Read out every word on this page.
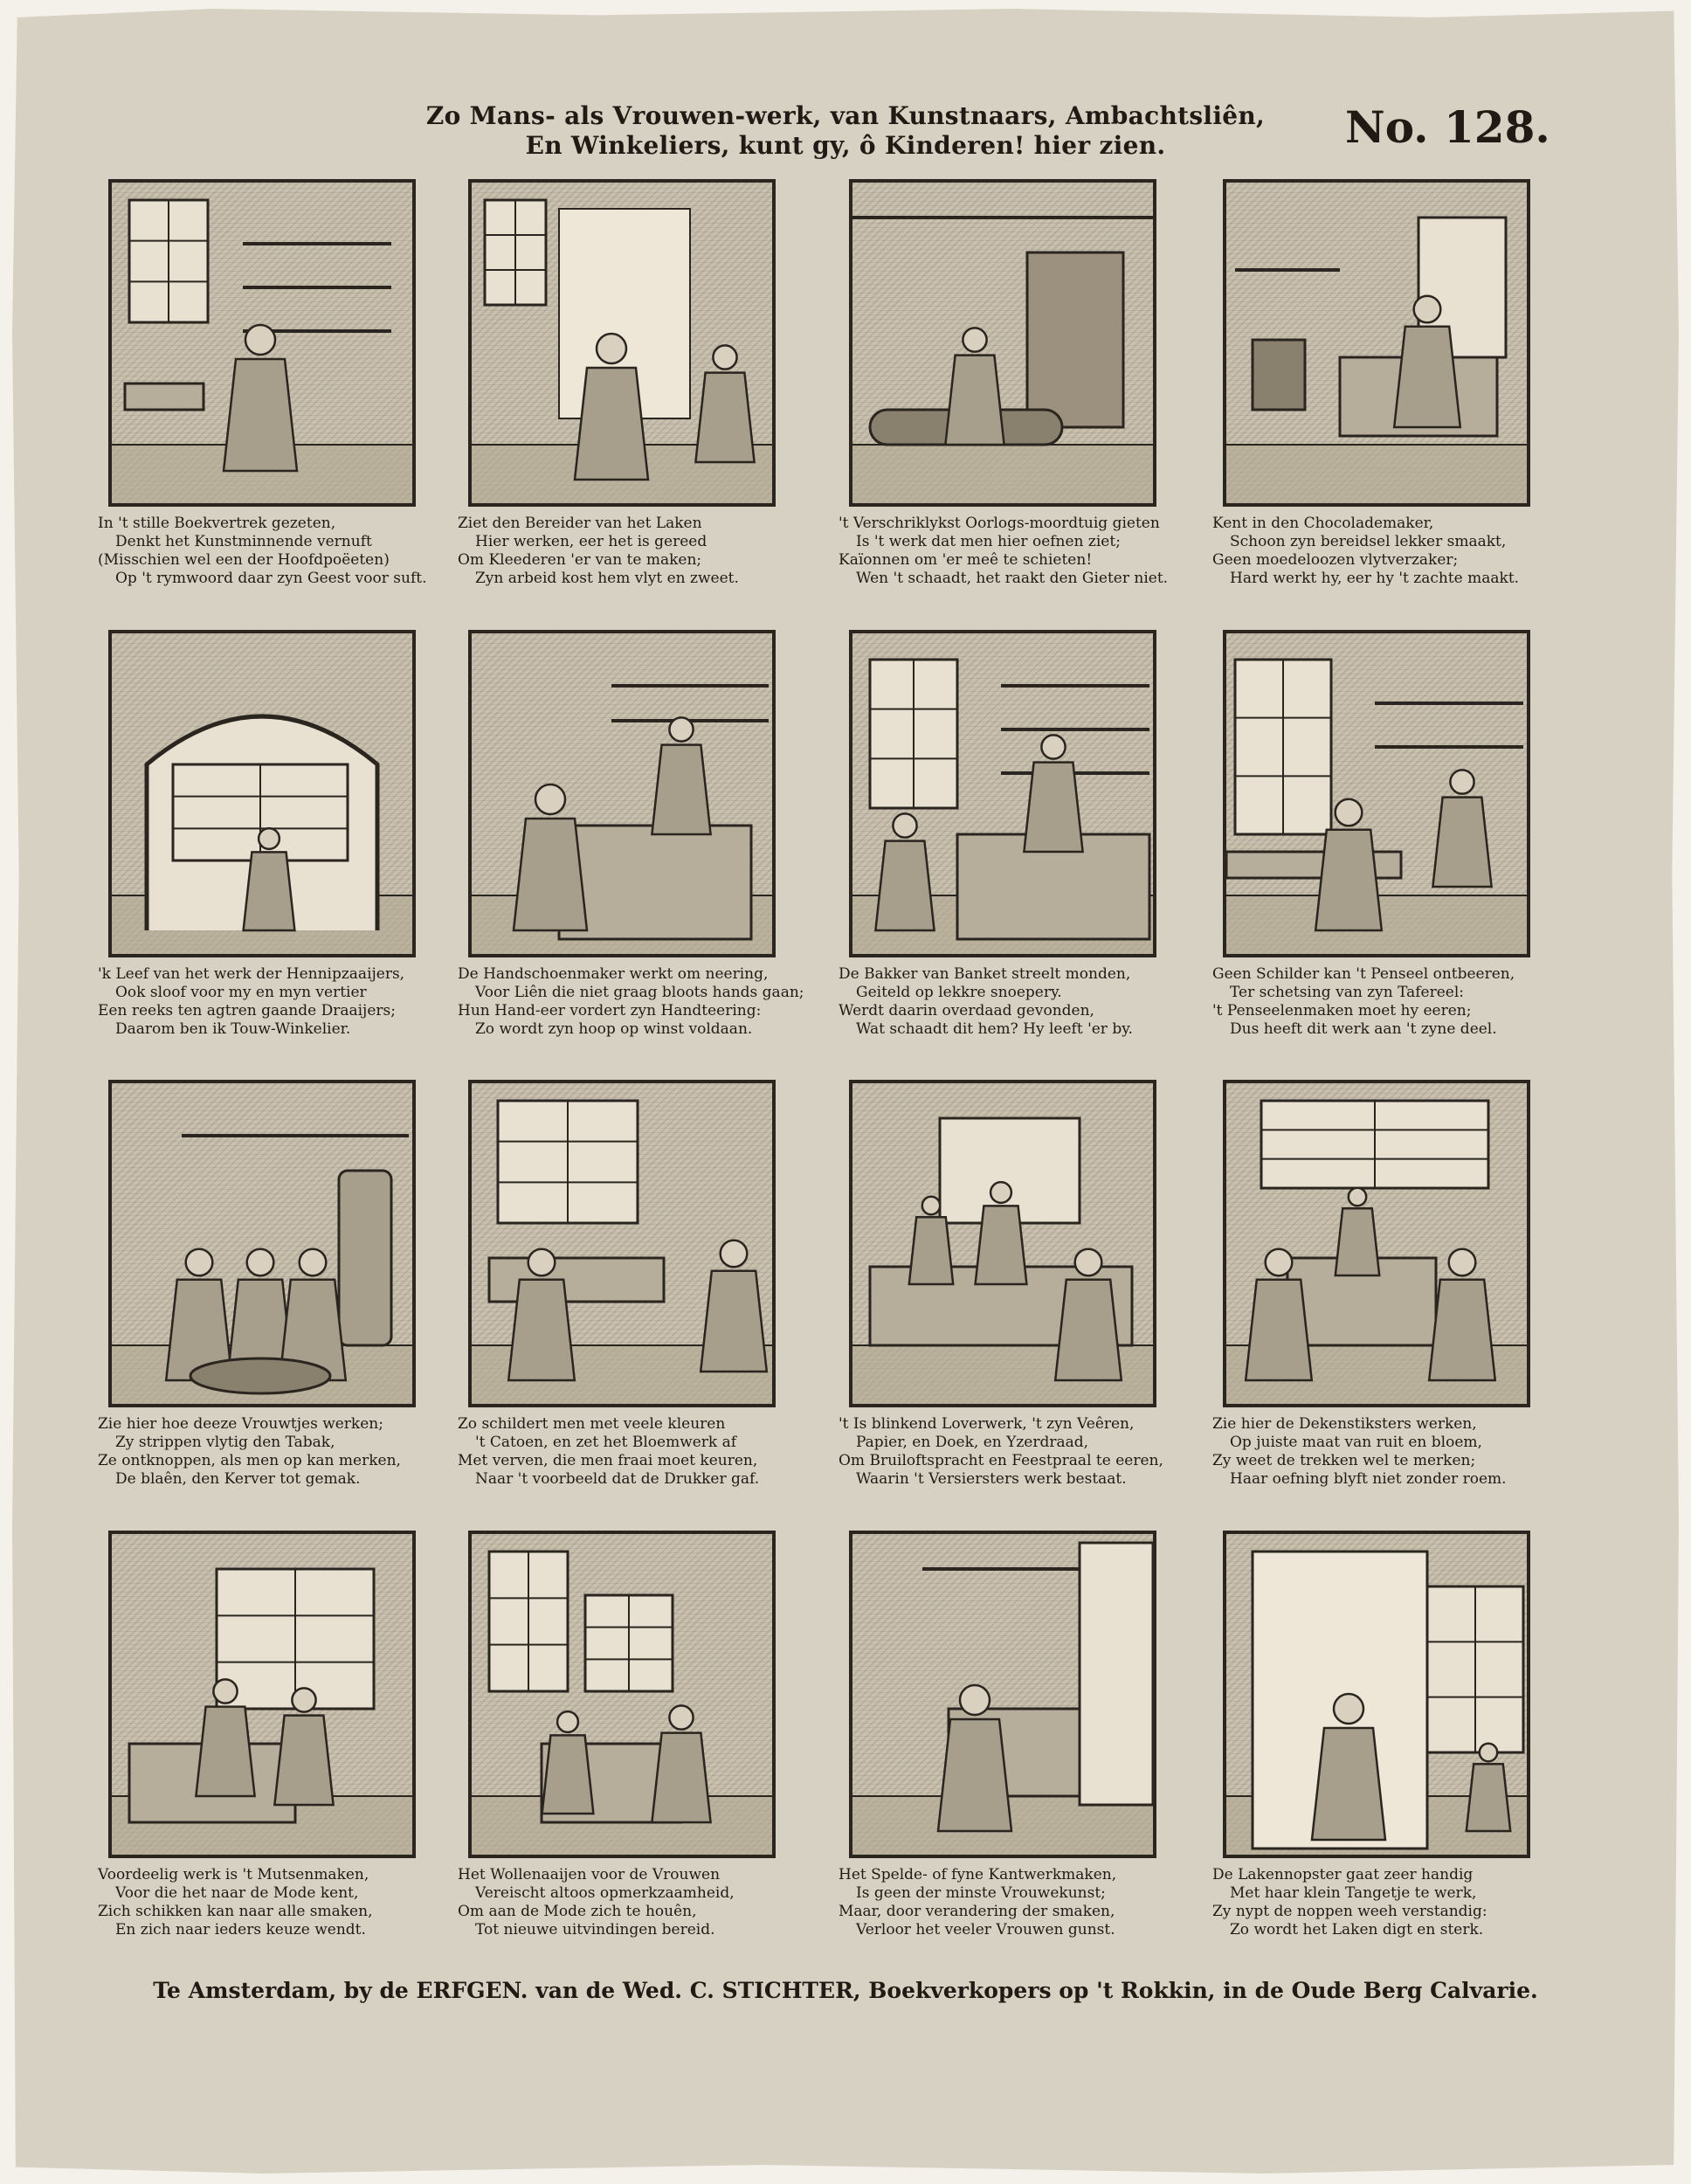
Zo Mans- als Vrouwen-werk, van Kunstnaars, Ambachtsliên,
En Winkeliers, kunt gy, ô Kinderen! hier zien.	No. 128.
In 't stille Boekvertrek gezeten,
Denkt het Kunstminnende vernuft
(Misschien wel een der Hoofdpoëeten)
Op 't rymwoord daar zyn Geest voor suft.
Ziet den Bereider van het Laken
Hier werken, eer het is gereed
Om Kleederen 'er van te maken;
Zyn arbeid kost hem vlyt en zweet.
't Verschriklykst Oorlogs-moordtuig gieten
Is 't werk dat men hier oefnen ziet;
Kaïonnen om 'er meê te schieten!
Wen 't schaadt, het raakt den Gieter niet.
Kent in den Chocolademaker,
Schoon zyn bereidsel lekker smaakt,
Geen moedeloozen vlytverzaker;
Hard werkt hy, eer hy 't zachte maakt.
'k Leef van het werk der Hennipzaaijers,
Ook sloof voor my en myn vertier
Een reeks ten agtren gaande Draaijers;
Daarom ben ik Touw-Winkelier.
De Handschoenmaker werkt om neering,
Voor Liên die niet graag bloots hands gaan;
Hun Hand-eer vordert zyn Handteering:
Zo wordt zyn hoop op winst voldaan.
De Bakker van Banket streelt monden,
Geiteld op lekkre snoepery.
Werdt daarin overdaad gevonden,
Wat schaadt dit hem? Hy leeft 'er by.
Geen Schilder kan 't Penseel ontbeeren,
Ter schetsing van zyn Tafereel:
't Penseelenmaken moet hy eeren;
Dus heeft dit werk aan 't zyne deel.
Zie hier hoe deeze Vrouwtjes werken;
Zy strippen vlytig den Tabak,
Ze ontknoppen, als men op kan merken,
De blaên, den Kerver tot gemak.
Zo schildert men met veele kleuren
't Catoen, en zet het Bloemwerk af
Met verven, die men fraai moet keuren,
Naar 't voorbeeld dat de Drukker gaf.
't Is blinkend Loverwerk, 't zyn Veêren,
Papier, en Doek, en Yzerdraad,
Om Bruiloftspracht en Feestpraal te eeren,
Waarin 't Versiersters werk bestaat.
Zie hier de Dekenstiksters werken,
Op juiste maat van ruit en bloem,
Zy weet de trekken wel te merken;
Haar oefning blyft niet zonder roem.
Voordeelig werk is 't Mutsenmaken,
Voor die het naar de Mode kent,
Zich schikken kan naar alle smaken,
En zich naar ieders keuze wendt.
Het Wollenaaijen voor de Vrouwen
Vereischt altoos opmerkzaamheid,
Om aan de Mode zich te houên,
Tot nieuwe uitvindingen bereid.
Het Spelde- of fyne Kantwerkmaken,
Is geen der minste Vrouwekunst;
Maar, door verandering der smaken,
Verloor het veeler Vrouwen gunst.
De Lakennopster gaat zeer handig
Met haar klein Tangetje te werk,
Zy nypt de noppen weeh verstandig:
Zo wordt het Laken digt en sterk.
Te Amsterdam, by de ERFGEN. van de Wed. C. STICHTER, Boekverkopers op 't Rokkin, in de Oude Berg Calvarie.
